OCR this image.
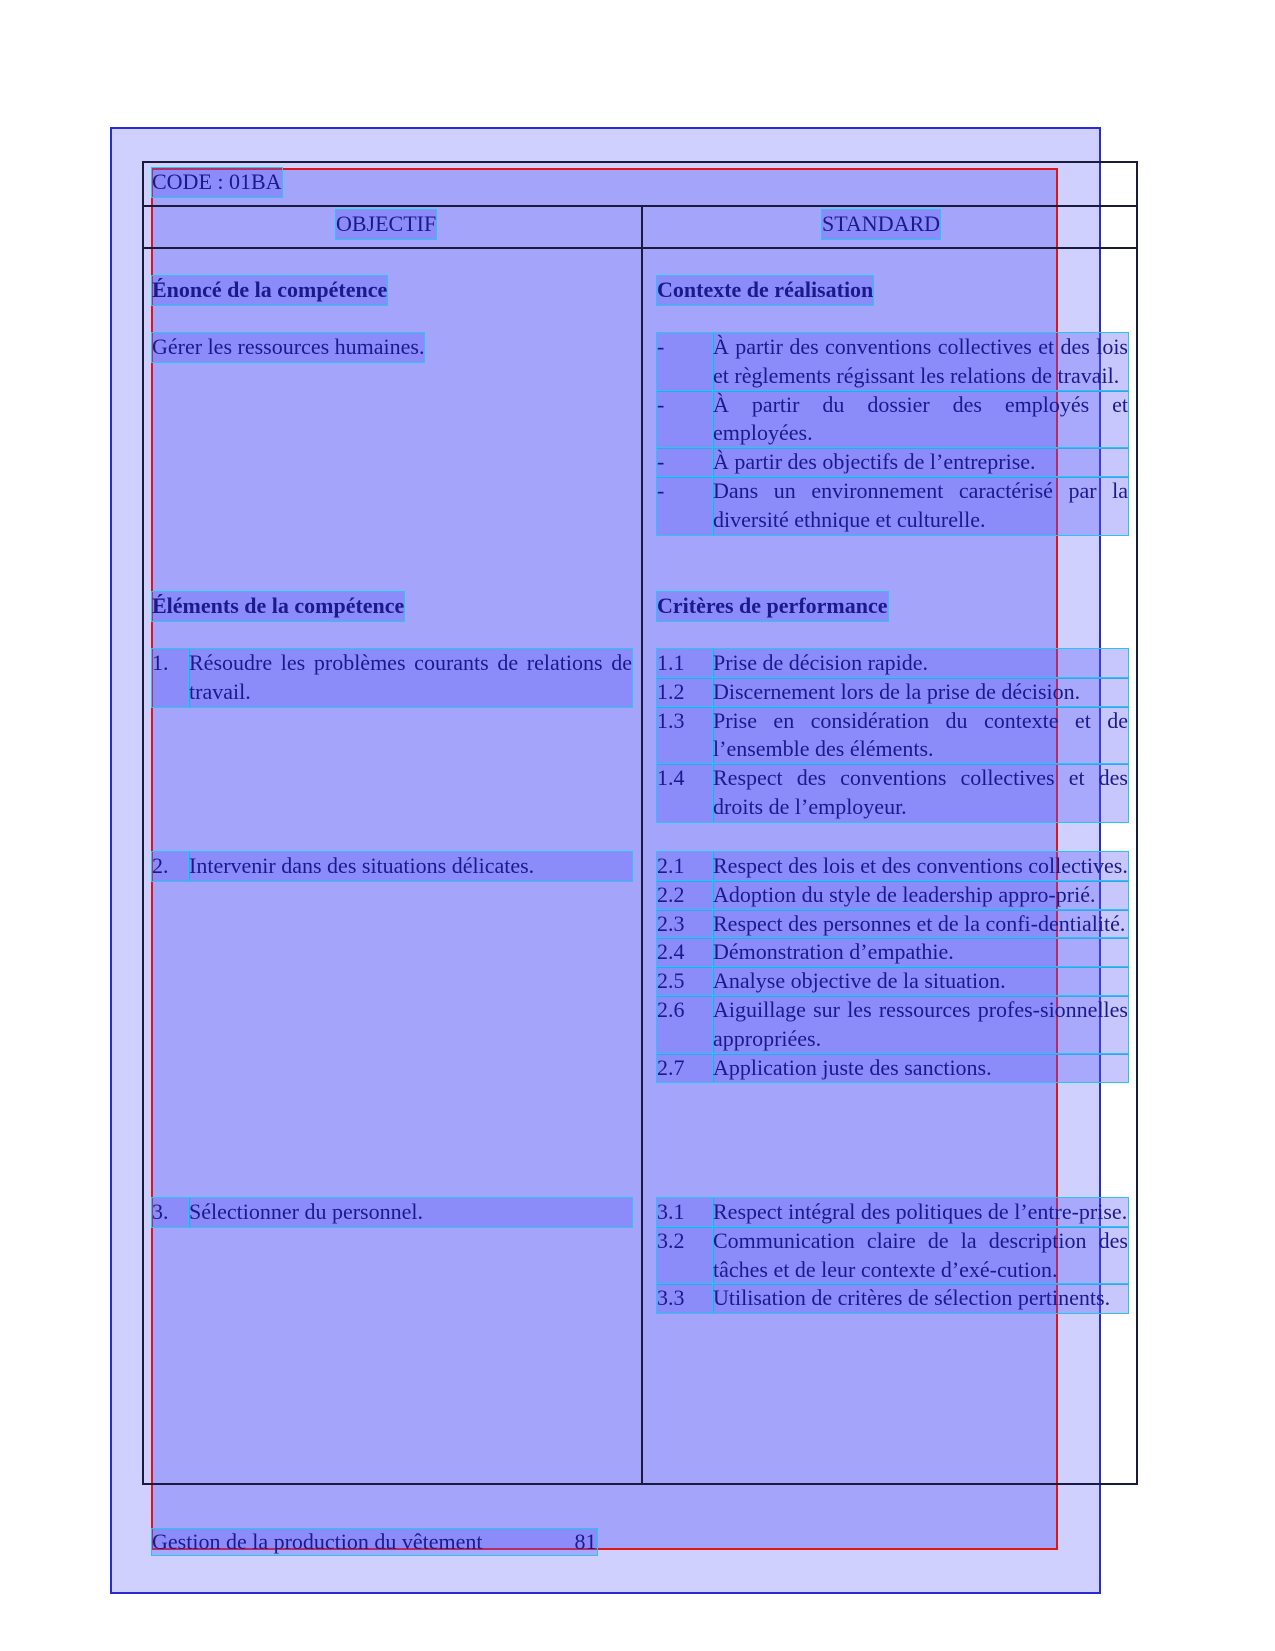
CODE : 01BA
OBJECTIF	STANDARD
Énoncé de la compétence
Gérer les ressources humaines.
Contexte de réalisation
-	À partir des conventions collectives et des lois et règlements régissant les relations de travail.
-	À partir du dossier des employés et employées.
-	À partir des objectifs de l’entreprise.
-	Dans un environnement caractérisé par la diversité ethnique et culturelle.
Éléments de la compétence
1. Résoudre les problèmes courants de relations de travail.
2. Intervenir dans des situations délicates.
3. Sélectionner du personnel.
Critères de performance
1.1	Prise de décision rapide.
1.2	Discernement lors de la prise de décision.
1.3	Prise en considération du contexte et de l’ensemble des éléments.
1.4	Respect des conventions collectives et des droits de l’employeur.
2.1	Respect des lois et des conventions collectives.
2.2	Adoption du style de leadership appro-prié.
2.3	Respect des personnes et de la confi-dentialité.
2.4	Démonstration d’empathie.
2.5	Analyse objective de la situation.
2.6	Aiguillage sur les ressources profes-sionnelles appropriées.
2.7	Application juste des sanctions.
3.1	Respect intégral des politiques de l’entre-prise.
3.2	Communication claire de la description des tâches et de leur contexte d’exé-cution.
3.3	Utilisation de critères de sélection pertinents.
Gestion de la production du vêtement	81
